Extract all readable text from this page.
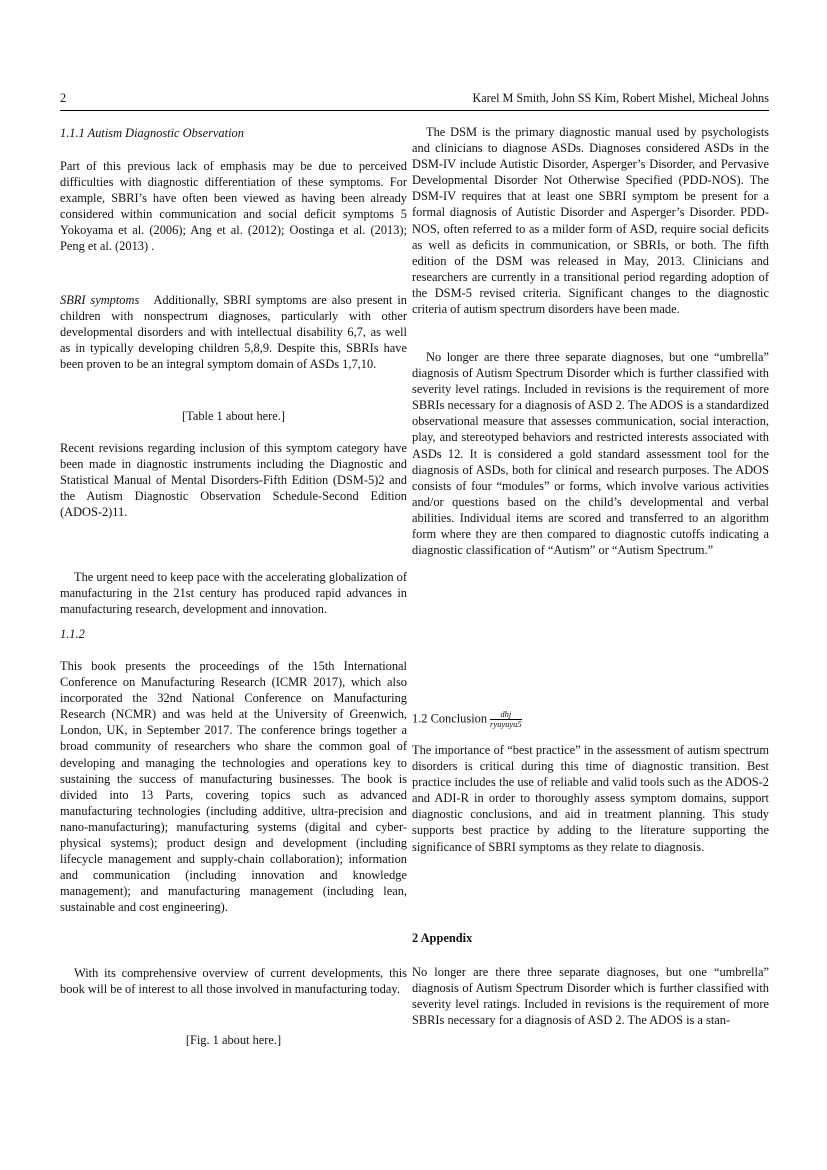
2	Karel M Smith, John SS Kim, Robert Mishel, Micheal Johns
1.1.1 Autism Diagnostic Observation
Part of this previous lack of emphasis may be due to perceived difficulties with diagnostic differentiation of these symptoms. For example, SBRI’s have often been viewed as having been already considered within communication and social deficit symptoms 5 Yokoyama et al. (2006); Ang et al. (2012); Oostinga et al. (2013); Peng et al. (2013) .
SBRI symptoms Additionally, SBRI symptoms are also present in children with nonspectrum diagnoses, particularly with other developmental disorders and with intellectual disability 6,7, as well as in typically developing children 5,8,9. Despite this, SBRIs have been proven to be an integral symptom domain of ASDs 1,7,10.
[Table 1 about here.]
Recent revisions regarding inclusion of this symptom category have been made in diagnostic instruments including the Diagnostic and Statistical Manual of Mental Disorders-Fifth Edition (DSM-5)2 and the Autism Diagnostic Observation Schedule-Second Edition (ADOS-2)11.
The urgent need to keep pace with the accelerating globalization of manufacturing in the 21st century has produced rapid advances in manufacturing research, development and innovation.
1.1.2
This book presents the proceedings of the 15th International Conference on Manufacturing Research (ICMR 2017), which also incorporated the 32nd National Conference on Manufacturing Research (NCMR) and was held at the University of Greenwich, London, UK, in September 2017. The conference brings together a broad community of researchers who share the common goal of developing and managing the technologies and operations key to sustaining the success of manufacturing businesses. The book is divided into 13 Parts, covering topics such as advanced manufacturing technologies (including additive, ultra-precision and nano-manufacturing); manufacturing systems (digital and cyber-physical systems); product design and development (including lifecycle management and supply-chain collaboration); information and communication (including innovation and knowledge management); and manufacturing management (including lean, sustainable and cost engineering).
With its comprehensive overview of current developments, this book will be of interest to all those involved in manufacturing today.
[Fig. 1 about here.]
The DSM is the primary diagnostic manual used by psychologists and clinicians to diagnose ASDs. Diagnoses considered ASDs in the DSM-IV include Autistic Disorder, Asperger’s Disorder, and Pervasive Developmental Disorder Not Otherwise Specified (PDD-NOS). The DSM-IV requires that at least one SBRI symptom be present for a formal diagnosis of Autistic Disorder and Asperger’s Disorder. PDD-NOS, often referred to as a milder form of ASD, require social deficits as well as deficits in communication, or SBRIs, or both. The fifth edition of the DSM was released in May, 2013. Clinicians and researchers are currently in a transitional period regarding adoption of the DSM-5 revised criteria. Significant changes to the diagnostic criteria of autism spectrum disorders have been made.
No longer are there three separate diagnoses, but one “umbrella” diagnosis of Autism Spectrum Disorder which is further classified with severity level ratings. Included in revisions is the requirement of more SBRIs necessary for a diagnosis of ASD 2. The ADOS is a standardized observational measure that assesses communication, social interaction, play, and stereotyped behaviors and restricted interests associated with ASDs 12. It is considered a gold standard assessment tool for the diagnosis of ASDs, both for clinical and research purposes. The ADOS consists of four “modules” or forms, which involve various activities and/or questions based on the child’s developmental and verbal abilities. Individual items are scored and transferred to an algorithm form where they are then compared to diagnostic cutoffs indicating a diagnostic classification of “Autism” or “Autism Spectrum.”
1.2 Conclusion $\frac{\text{dhj}}{\text{ryuyuyu5}}$
The importance of “best practice” in the assessment of autism spectrum disorders is critical during this time of diagnostic transition. Best practice includes the use of reliable and valid tools such as the ADOS-2 and ADI-R in order to thoroughly assess symptom domains, support diagnostic conclusions, and aid in treatment planning. This study supports best practice by adding to the literature supporting the significance of SBRI symptoms as they relate to diagnosis.
2 Appendix
No longer are there three separate diagnoses, but one “umbrella” diagnosis of Autism Spectrum Disorder which is further classified with severity level ratings. Included in revisions is the requirement of more SBRIs necessary for a diagnosis of ASD 2. The ADOS is a stan-
